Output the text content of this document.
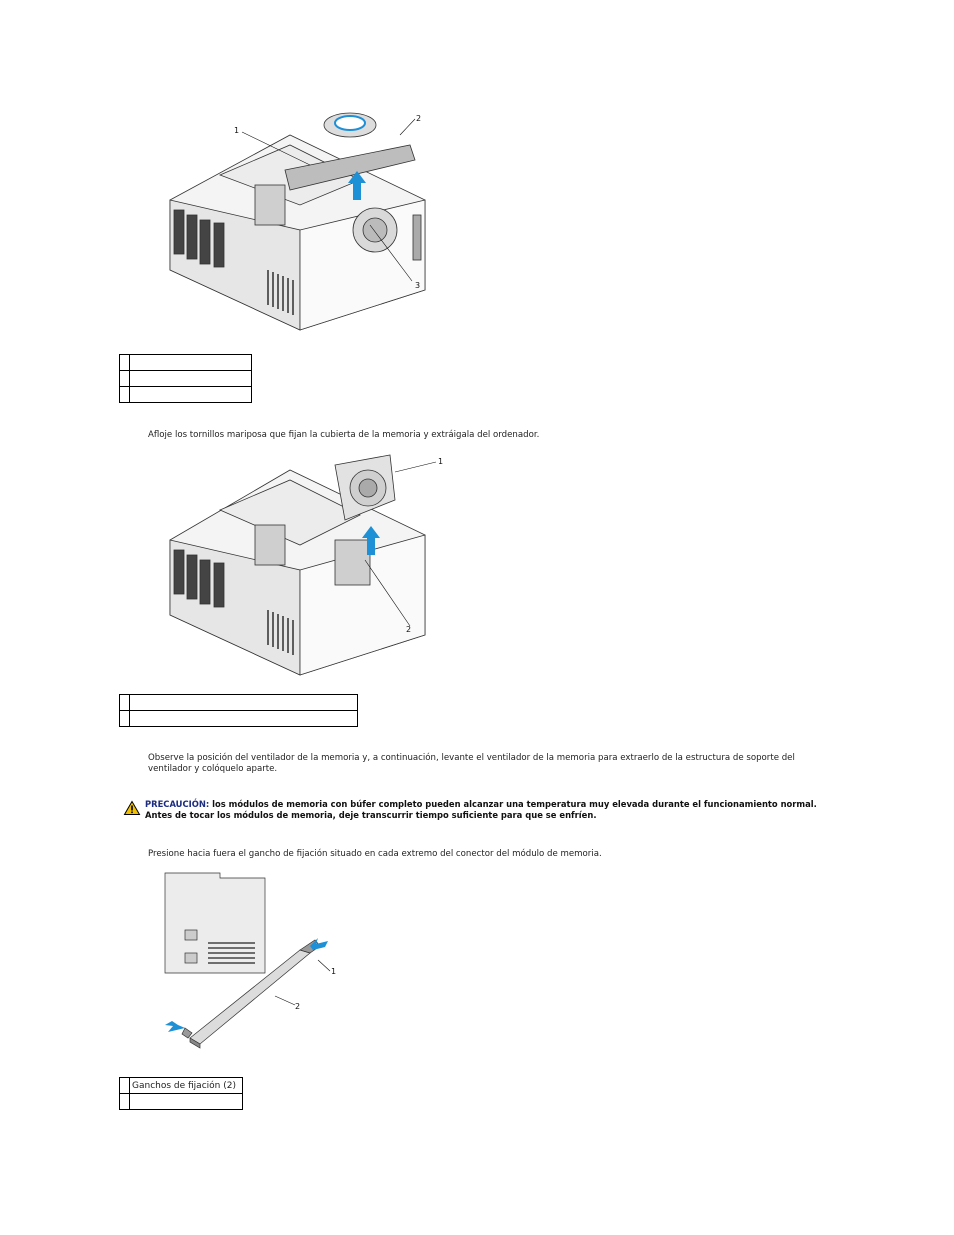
1
2
3

Afloje los tornillos mariposa que fijan la cubierta de la memoria y extráigala del ordenador.
1
2

Observe la posición del ventilador de la memoria y, a continuación, levante el ventilador de la memoria para extraerlo de la estructura de soporte del ventilador y colóquelo aparte.
PRECAUCIÓN: los módulos de memoria con búfer completo pueden alcanzar una temperatura muy elevada durante el funcionamiento normal. Antes de tocar los módulos de memoria, deje transcurrir tiempo suficiente para que se enfríen.
Presione hacia fuera el gancho de fijación situado en cada extremo del conector del módulo de memoria.
1
2
	Ganchos de fijación (2)
